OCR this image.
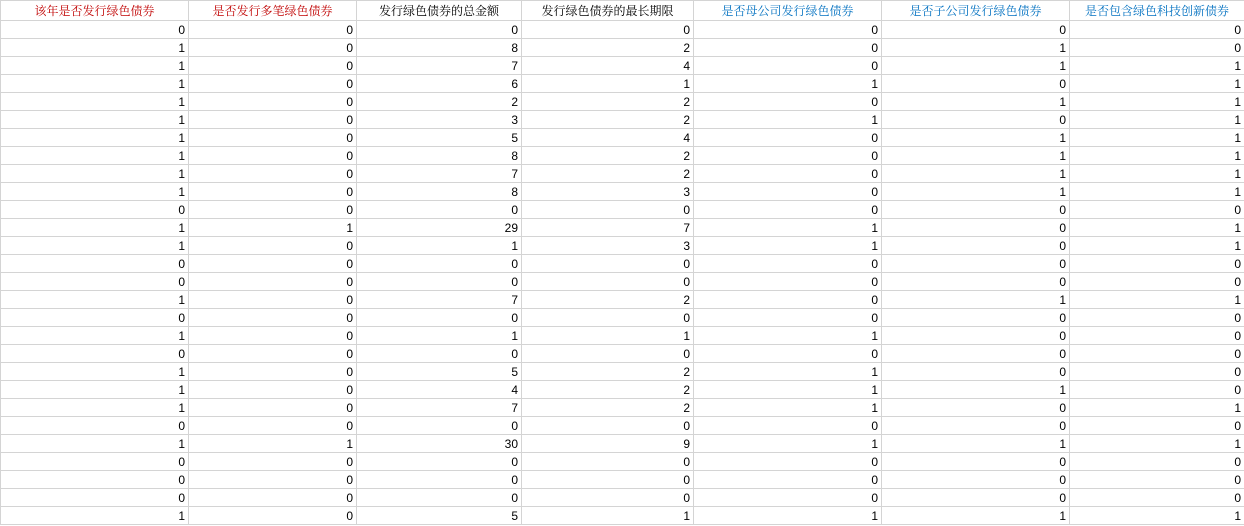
该年是否发行绿色债券	是否发行多笔绿色债券	发行绿色债券的总金额	发行绿色债券的最长期限	是否母公司发行绿色债券	是否子公司发行绿色债券	是否包含绿色科技创新债券
0	0	0	0	0	0	0
1	0	8	2	0	1	0
1	0	7	4	0	1	1
1	0	6	1	1	0	1
1	0	2	2	0	1	1
1	0	3	2	1	0	1
1	0	5	4	0	1	1
1	0	8	2	0	1	1
1	0	7	2	0	1	1
1	0	8	3	0	1	1
0	0	0	0	0	0	0
1	1	29	7	1	0	1
1	0	1	3	1	0	1
0	0	0	0	0	0	0
0	0	0	0	0	0	0
1	0	7	2	0	1	1
0	0	0	0	0	0	0
1	0	1	1	1	0	0
0	0	0	0	0	0	0
1	0	5	2	1	0	0
1	0	4	2	1	1	0
1	0	7	2	1	0	1
0	0	0	0	0	0	0
1	1	30	9	1	1	1
0	0	0	0	0	0	0
0	0	0	0	0	0	0
0	0	0	0	0	0	0
1	0	5	1	1	1	1
